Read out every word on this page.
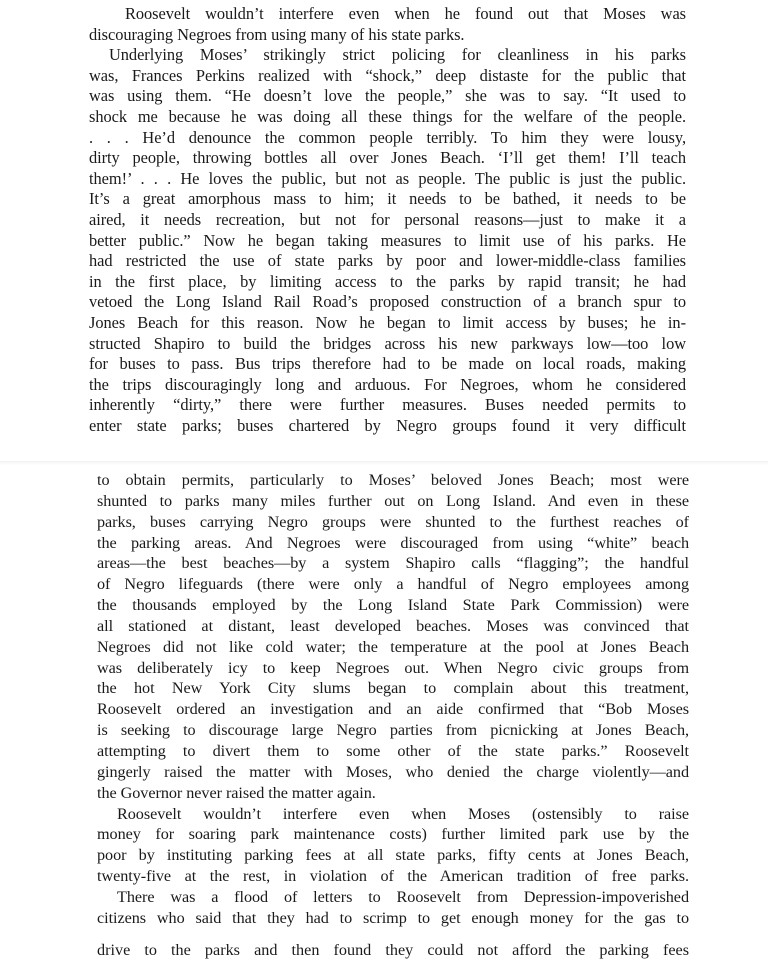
Roosevelt wouldn’t interfere even when he found out that Moses was
discouraging Negroes from using many of his state parks.
Underlying Moses’ strikingly strict policing for cleanliness in his parks
was, Frances Perkins realized with “shock,” deep distaste for the public that
was using them. “He doesn’t love the people,” she was to say. “It used to
shock me because he was doing all these things for the welfare of the people.
. . . He’d denounce the common people terribly. To him they were lousy,
dirty people, throwing bottles all over Jones Beach. ‘I’ll get them! I’ll teach
them!’ . . . He loves the public, but not as people. The public is just the public.
It’s a great amorphous mass to him; it needs to be bathed, it needs to be
aired, it needs recreation, but not for personal reasons—just to make it a
better public.” Now he began taking measures to limit use of his parks. He
had restricted the use of state parks by poor and lower-middle-class families
in the first place, by limiting access to the parks by rapid transit; he had
vetoed the Long Island Rail Road’s proposed construction of a branch spur to
Jones Beach for this reason. Now he began to limit access by buses; he in-
structed Shapiro to build the bridges across his new parkways low—too low
for buses to pass. Bus trips therefore had to be made on local roads, making
the trips discouragingly long and arduous. For Negroes, whom he considered
inherently “dirty,” there were further measures. Buses needed permits to
enter state parks; buses chartered by Negro groups found it very difficult
to obtain permits, particularly to Moses’ beloved Jones Beach; most were
shunted to parks many miles further out on Long Island. And even in these
parks, buses carrying Negro groups were shunted to the furthest reaches of
the parking areas. And Negroes were discouraged from using “white” beach
areas—the best beaches—by a system Shapiro calls “flagging”; the handful
of Negro lifeguards (there were only a handful of Negro employees among
the thousands employed by the Long Island State Park Commission) were
all stationed at distant, least developed beaches. Moses was convinced that
Negroes did not like cold water; the temperature at the pool at Jones Beach
was deliberately icy to keep Negroes out. When Negro civic groups from
the hot New York City slums began to complain about this treatment,
Roosevelt ordered an investigation and an aide confirmed that “Bob Moses
is seeking to discourage large Negro parties from picnicking at Jones Beach,
attempting to divert them to some other of the state parks.” Roosevelt
gingerly raised the matter with Moses, who denied the charge violently—and
the Governor never raised the matter again.
Roosevelt wouldn’t interfere even when Moses (ostensibly to raise
money for soaring park maintenance costs) further limited park use by the
poor by instituting parking fees at all state parks, fifty cents at Jones Beach,
twenty-five at the rest, in violation of the American tradition of free parks.
There was a flood of letters to Roosevelt from Depression-impoverished
citizens who said that they had to scrimp to get enough money for the gas to
drive to the parks and then found they could not afford the parking fees
